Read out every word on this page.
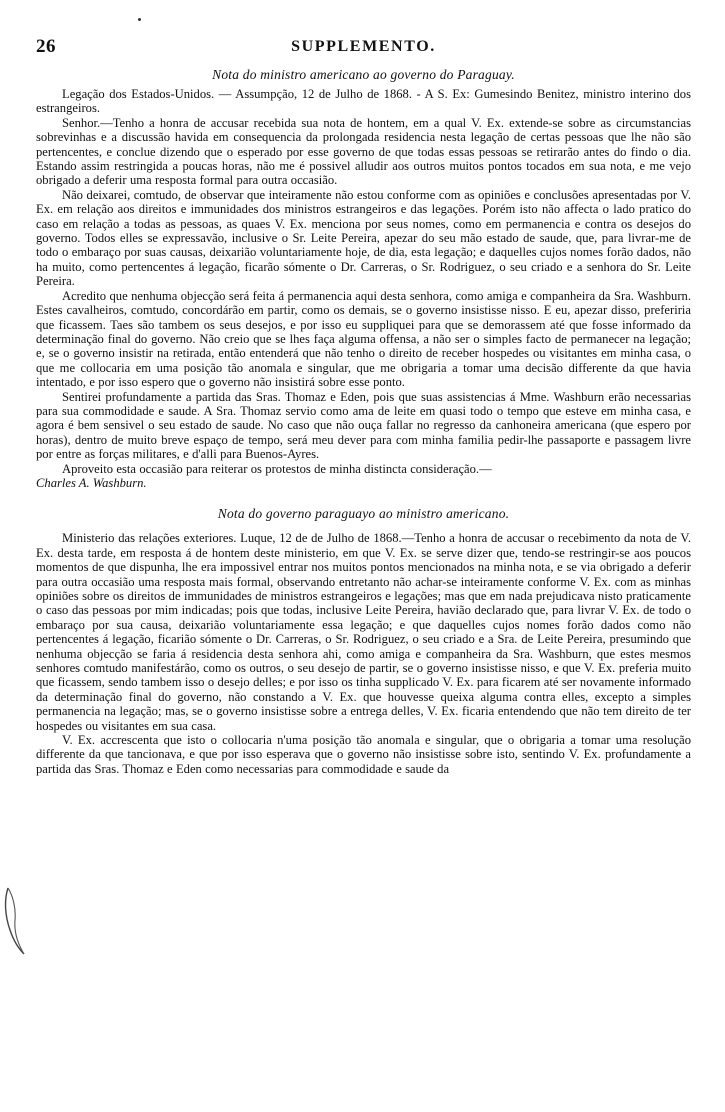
26	SUPPLEMENTO.
Nota do ministro americano ao governo do Paraguay.

Legação dos Estados-Unidos. — Assumpção, 12 de Julho de 1868. - A S. Ex: Gumesindo Benitez, ministro interino dos estrangeiros.

Senhor.—Tenho a honra de accusar recebida sua nota de hontem, em a qual V. Ex. extende-se sobre as circumstancias sobrevinhas e a discussão havida em consequencia da prolongada residencia nesta legação de certas pessoas que lhe não são pertencentes, e conclue dizendo que o esperado por esse governo de que todas essas pessoas se retirarão antes do findo o dia. Estando assim restringida a poucas horas, não me é possivel alludir aos outros muitos pontos tocados em sua nota, e me vejo obrigado a deferir uma resposta formal para outra occasião.

Não deixarei, comtudo, de observar que inteiramente não estou conforme com as opiniões e conclusões apresentadas por V. Ex. em relação aos direitos e immunidades dos ministros estrangeiros e das legações. Porém isto não affecta o lado pratico do caso em relação a todas as pessoas, as quaes V. Ex. menciona por seus nomes, como em permanencia e contra os desejos do governo. Todos elles se expressavão, inclusive o Sr. Leite Pereira, apezar do seu mão estado de saude, que, para livrar-me de todo o embaraço por suas causas, deixarião voluntariamente hoje, de dia, esta legação; e daquelles cujos nomes forão dados, não ha muito, como pertencentes á legação, ficarão sómente o Dr. Carreras, o Sr. Rodriguez, o seu criado e a senhora do Sr. Leite Pereira.

Acredito que nenhuma objecção será feita á permanencia aqui desta senhora, como amiga e companheira da Sra. Washburn. Estes cavalheiros, comtudo, concordárão em partir, como os demais, se o governo insistisse nisso. E eu, apezar disso, preferiria que ficassem. Taes são tambem os seus desejos, e por isso eu suppliquei para que se demorassem até que fosse informado da determinação final do governo. Não creio que se lhes faça alguma offensa, a não ser o simples facto de permanecer na legação; e, se o governo insistir na retirada, então entenderá que não tenho o direito de receber hospedes ou visitantes em minha casa, o que me collocaria em uma posição tão anomala e singular, que me obrigaria a tomar uma decisão differente da que havia intentado, e por isso espero que o governo não insistirá sobre esse ponto.

Sentirei profundamente a partida das Sras. Thomaz e Eden, pois que suas assistencias á Mme. Washburn erão necessarias para sua commodidade e saude. A Sra. Thomaz servio como ama de leite em quasi todo o tempo que esteve em minha casa, e agora é bem sensivel o seu estado de saude. No caso que não ouça fallar no regresso da canhoneira americana (que espero por horas), dentro de muito breve espaço de tempo, será meu dever para com minha familia pedir-lhe passaporte e passagem livre por entre as forças militares, e d'alli para Buenos-Ayres.

Aproveito esta occasião para reiterar os protestos de minha distincta consideração.—

Charles A. Washburn.

Nota do governo paraguayo ao ministro americano.

Ministerio das relações exteriores. Luque, 12 de de Julho de 1868.—Tenho a honra de accusar o recebimento da nota de V. Ex. desta tarde, em resposta á de hontem deste ministerio, em que V. Ex. se serve dizer que, tendo-se restringir-se aos poucos momentos de que dispunha, lhe era impossivel entrar nos muitos pontos mencionados na minha nota, e se via obrigado a deferir para outra occasião uma resposta mais formal, observando entretanto não achar-se inteiramente conforme V. Ex. com as minhas opiniões sobre os direitos de immunidades de ministros estrangeiros e legações; mas que em nada prejudicava nisto praticamente o caso das pessoas por mim indicadas; pois que todas, inclusive Leite Pereira, havião declarado que, para livrar V. Ex. de todo o embaraço por sua causa, deixarião voluntariamente essa legação; e que daquelles cujos nomes forão dados como não pertencentes á legação, ficarião sómente o Dr. Carreras, o Sr. Rodriguez, o seu criado e a Sra. de Leite Pereira, presumindo que nenhuma objecção se faria á residencia desta senhora ahi, como amiga e companheira da Sra. Washburn, que estes mesmos senhores comtudo manifestárão, como os outros, o seu desejo de partir, se o governo insistisse nisso, e que V. Ex. preferia muito que ficassem, sendo tambem isso o desejo delles; e por isso os tinha supplicado V. Ex. para ficarem até ser novamente informado da determinação final do governo, não constando a V. Ex. que houvesse queixa alguma contra elles, excepto a simples permanencia na legação; mas, se o governo insistisse sobre a entrega delles, V. Ex. ficaria entendendo que não tem direito de ter hospedes ou visitantes em sua casa.

V. Ex. accrescenta que isto o collocaria n'uma posição tão anomala e singular, que o obrigaria a tomar uma resolução differente da que tancionava, e que por isso esperava que o governo não insistisse sobre isto, sentindo V. Ex. profundamente a partida das Sras. Thomaz e Eden como necessarias para commodidade e saude da
